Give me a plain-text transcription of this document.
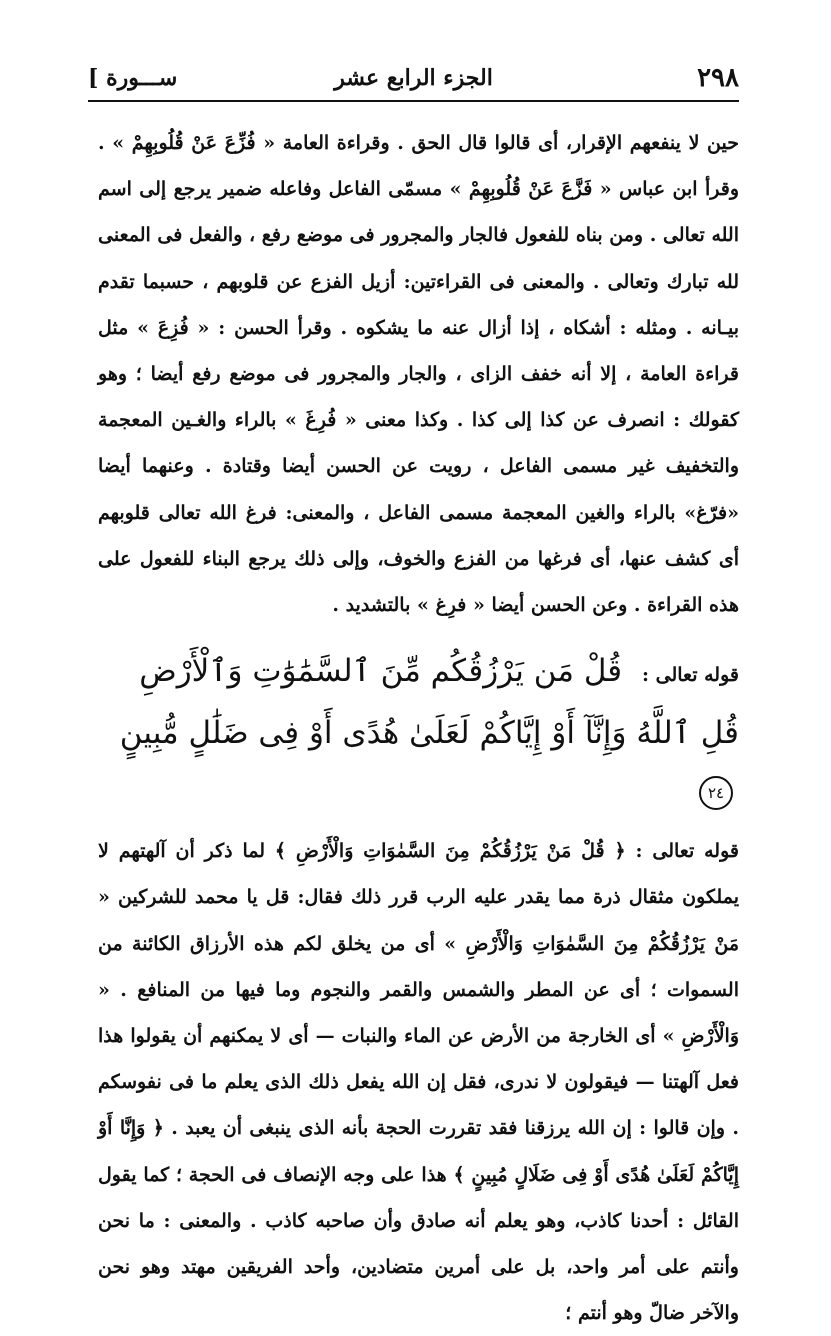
[ ســـورة	الجزء الرابع عشر	٢٩٨

حين لا ينفعهم الإقرار، أى قالوا قال الحق . وقراءة العامة « فُزِّعَ عَنْ قُلُوبِهِمْ » . وقرأ ابن عباس « فَزَّعَ عَنْ قُلُوبِهِمْ » مسمّى الفاعل وفاعله ضمير يرجع إلى اسم الله تعالى . ومن بناه للفعول فالجار والمجرور فى موضع رفع ، والفعل فى المعنى لله تبارك وتعالى . والمعنى فى القراءتين: أزيل الفزع عن قلوبهم ، حسبما تقدم بيـانه . ومثله : أشكاه ، إذا أزال عنه ما يشكوه . وقرأ الحسن : « فُزِعَ » مثل قراءة العامة ، إلا أنه خفف الزاى ، والجار والمجرور فى موضع رفع أيضا ؛ وهو كقولك : انصرف عن كذا إلى كذا . وكذا معنى « فُرِغَ » بالراء والغـين المعجمة والتخفيف غير مسمى الفاعل ، رويت عن الحسن أيضا وقتادة . وعنهما أيضا «فرّغ» بالراء والغين المعجمة مسمى الفاعل ، والمعنى: فرغ الله تعالى قلوبهم أى كشف عنها، أى فرغها من الفزع والخوف، وإلى ذلك يرجع البناء للفعول على هذه القراءة . وعن الحسن أيضا « فرِغ » بالتشديد .

قوله تعالى : قُلْ مَن يَرْزُقُكُم مِّنَ ٱلسَّمَٰوَٰتِ وَٱلْأَرْضِ قُلِ ٱللَّهُ وَإِنَّآ أَوْ إِيَّاكُمْ لَعَلَىٰ هُدًى أَوْ فِى ضَلَٰلٍ مُّبِينٍ ٢٤

قوله تعالى : ﴿ قُلْ مَنْ يَرْزُقُكُمْ مِنَ السَّمٰوَاتِ وَالْأَرْضِ ﴾ لما ذكر أن آلهتهم لا يملكون مثقال ذرة مما يقدر عليه الرب قرر ذلك فقال: قل يا محمد للشركين « مَنْ يَرْزُقُكُمْ مِنَ السَّمٰوَاتِ وَالْأَرْضِ » أى من يخلق لكم هذه الأرزاق الكائنة من السموات ؛ أى عن المطر والشمس والقمر والنجوم وما فيها من المنافع . « وَالْأَرْضِ » أى الخارجة من الأرض عن الماء والنبات — أى لا يمكنهم أن يقولوا هذا فعل آلهتنا — فيقولون لا ندرى، فقل إن الله يفعل ذلك الذى يعلم ما فى نفوسكم . وإن قالوا : إن الله يرزقنا فقد تقررت الحجة بأنه الذى ينبغى أن يعبد . ﴿ وَإِنَّا أَوْ إِيَّاكُمْ لَعَلَىٰ هُدًى أَوْ فِى ضَلَالٍ مُبِينٍ ﴾ هذا على وجه الإنصاف فى الحجة ؛ كما يقول القائل : أحدنا كاذب، وهو يعلم أنه صادق وأن صاحبه كاذب . والمعنى : ما نحن وأنتم على أمر واحد، بل على أمرين متضادين، وأحد الفريقين مهتد وهو نحن والآخر ضالّ وهو أنتم ؛
